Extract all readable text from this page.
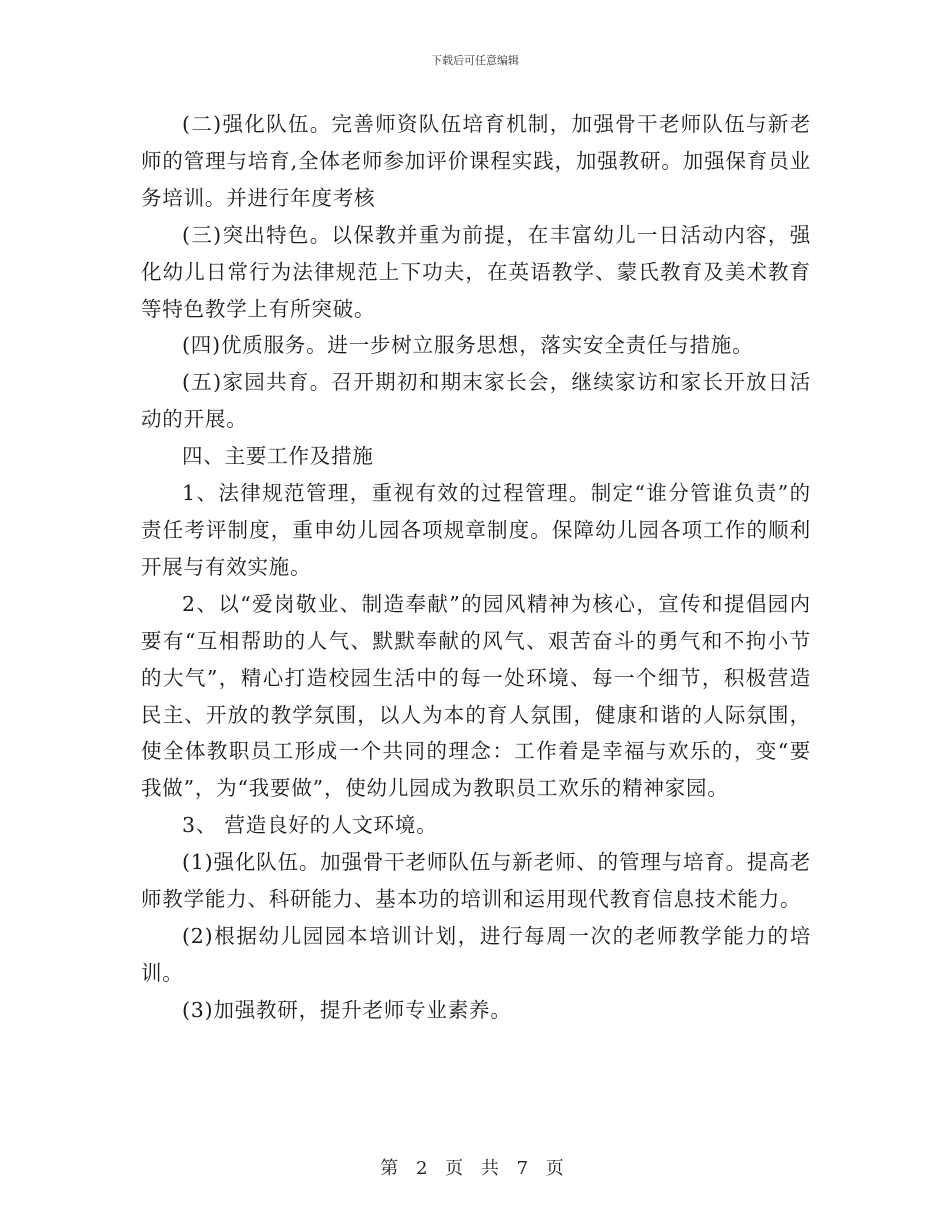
下载后可任意编辑

(二)强化队伍。完善师资队伍培育机制，加强骨干老师队伍与新老师的管理与培育,全体老师参加评价课程实践，加强教研。加强保育员业务培训。并进行年度考核

(三)突出特色。以保教并重为前提，在丰富幼儿一日活动内容，强化幼儿日常行为法律规范上下功夫，在英语教学、蒙氏教育及美术教育等特色教学上有所突破。

(四)优质服务。进一步树立服务思想，落实安全责任与措施。

(五)家园共育。召开期初和期末家长会，继续家访和家长开放日活动的开展。

四、主要工作及措施

1、法律规范管理，重视有效的过程管理。制定“谁分管谁负责”的责任考评制度，重申幼儿园各项规章制度。保障幼儿园各项工作的顺利开展与有效实施。

2、以“爱岗敬业、制造奉献”的园风精神为核心，宣传和提倡园内要有“互相帮助的人气、默默奉献的风气、艰苦奋斗的勇气和不拘小节的大气”，精心打造校园生活中的每一处环境、每一个细节，积极营造民主、开放的教学氛围，以人为本的育人氛围，健康和谐的人际氛围，使全体教职员工形成一个共同的理念：工作着是幸福与欢乐的，变“要我做”，为“我要做”，使幼儿园成为教职员工欢乐的精神家园。

3、 营造良好的人文环境。

(1)强化队伍。加强骨干老师队伍与新老师、的管理与培育。提高老师教学能力、科研能力、基本功的培训和运用现代教育信息技术能力。

(2)根据幼儿园园本培训计划，进行每周一次的老师教学能力的培训。

(3)加强教研，提升老师专业素养。

第 2 页 共 7 页
